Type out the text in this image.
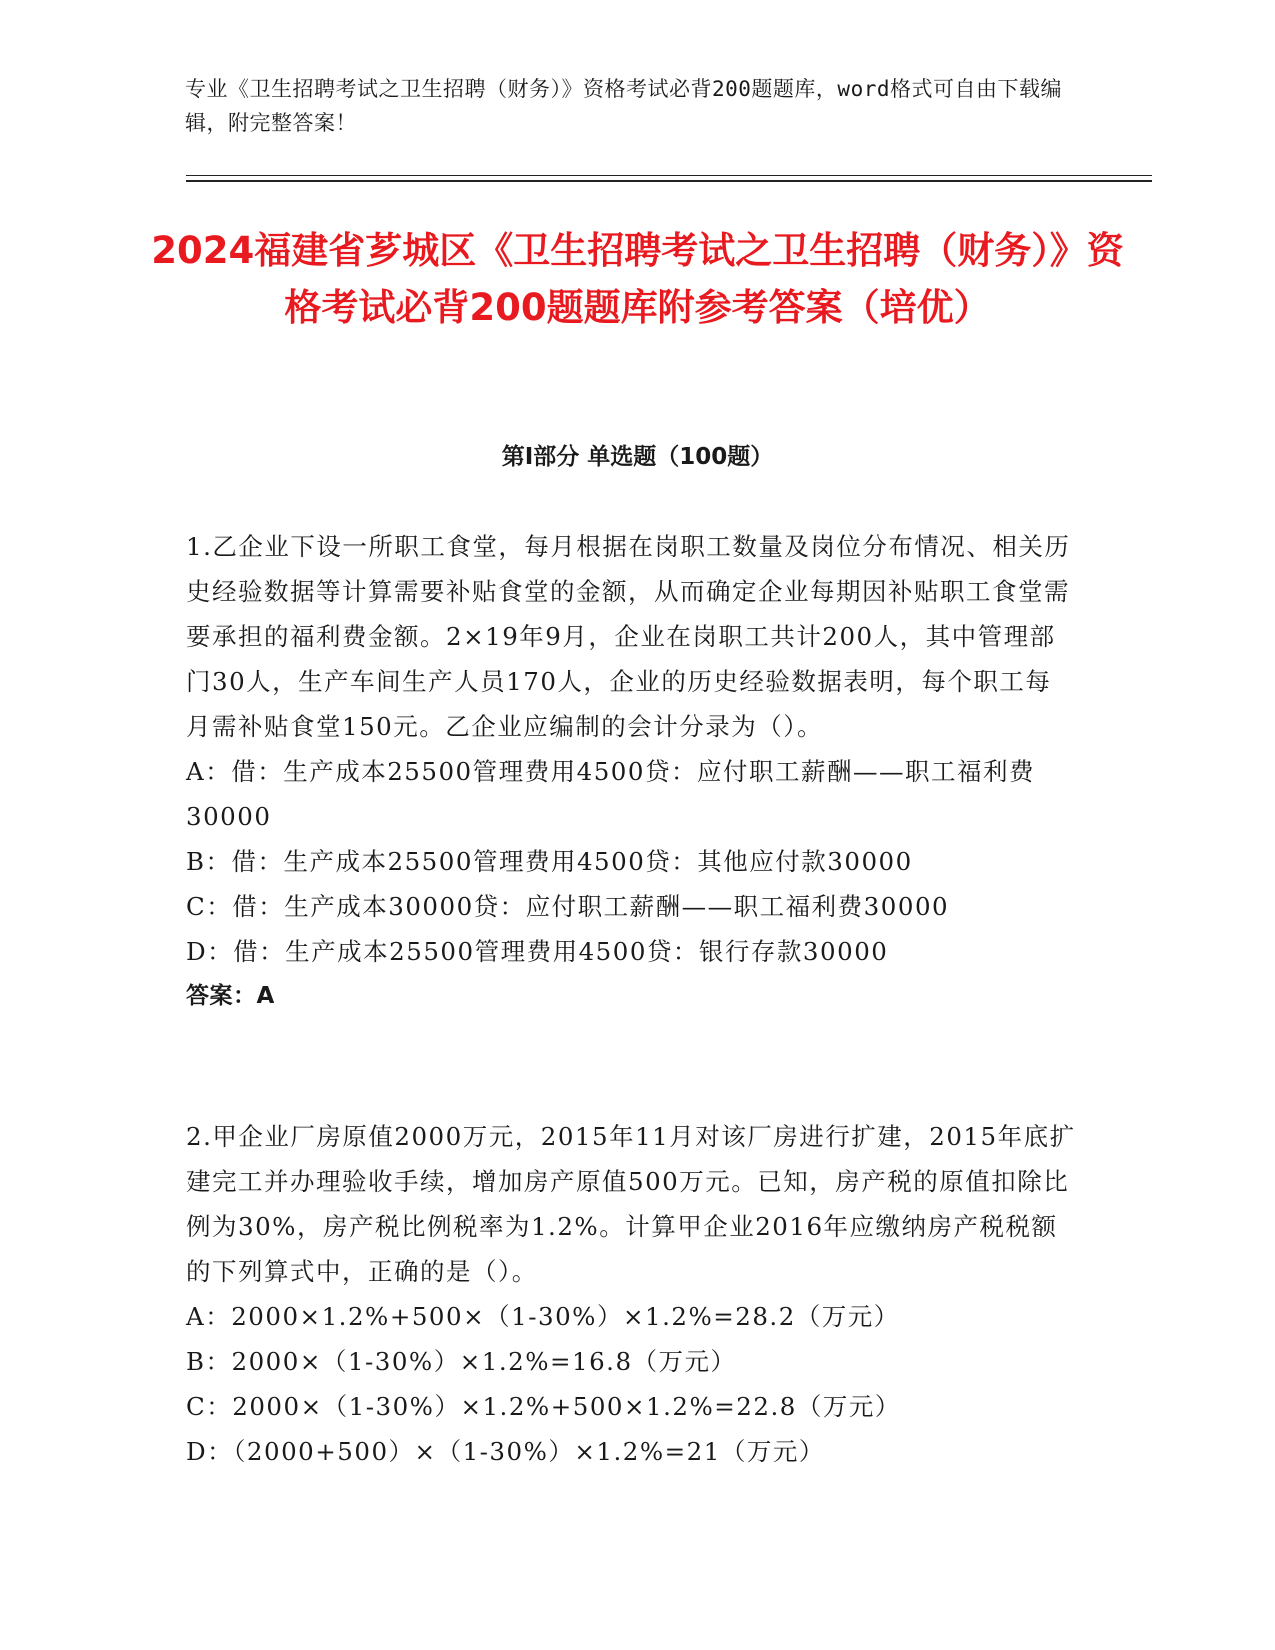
专业《卫生招聘考试之卫生招聘（财务）》资格考试必背200题题库，word格式可自由下载编辑，附完整答案！
2024福建省芗城区《卫生招聘考试之卫生招聘（财务）》资格考试必背200题题库附参考答案（培优）
第Ⅰ部分 单选题（100题）

1.乙企业下设一所职工食堂，每月根据在岗职工数量及岗位分布情况、相关历史经验数据等计算需要补贴食堂的金额，从而确定企业每期因补贴职工食堂需要承担的福利费金额。2×19年9月，企业在岗职工共计200人，其中管理部门30人，生产车间生产人员170人，企业的历史经验数据表明，每个职工每月需补贴食堂150元。乙企业应编制的会计分录为（）。

A：借：生产成本25500管理费用4500贷：应付职工薪酬——职工福利费30000

B：借：生产成本25500管理费用4500贷：其他应付款30000

C：借：生产成本30000贷：应付职工薪酬——职工福利费30000

D：借：生产成本25500管理费用4500贷：银行存款30000

答案：A

2.甲企业厂房原值2000万元，2015年11月对该厂房进行扩建，2015年底扩建完工并办理验收手续，增加房产原值500万元。已知，房产税的原值扣除比例为30%，房产税比例税率为1.2%。计算甲企业2016年应缴纳房产税税额的下列算式中，正确的是（）。

A：2000×1.2%+500×（1-30%）×1.2%=28.2（万元）

B：2000×（1-30%）×1.2%=16.8（万元）

C：2000×（1-30%）×1.2%+500×1.2%=22.8（万元）

D：（2000+500）×（1-30%）×1.2%=21（万元）
